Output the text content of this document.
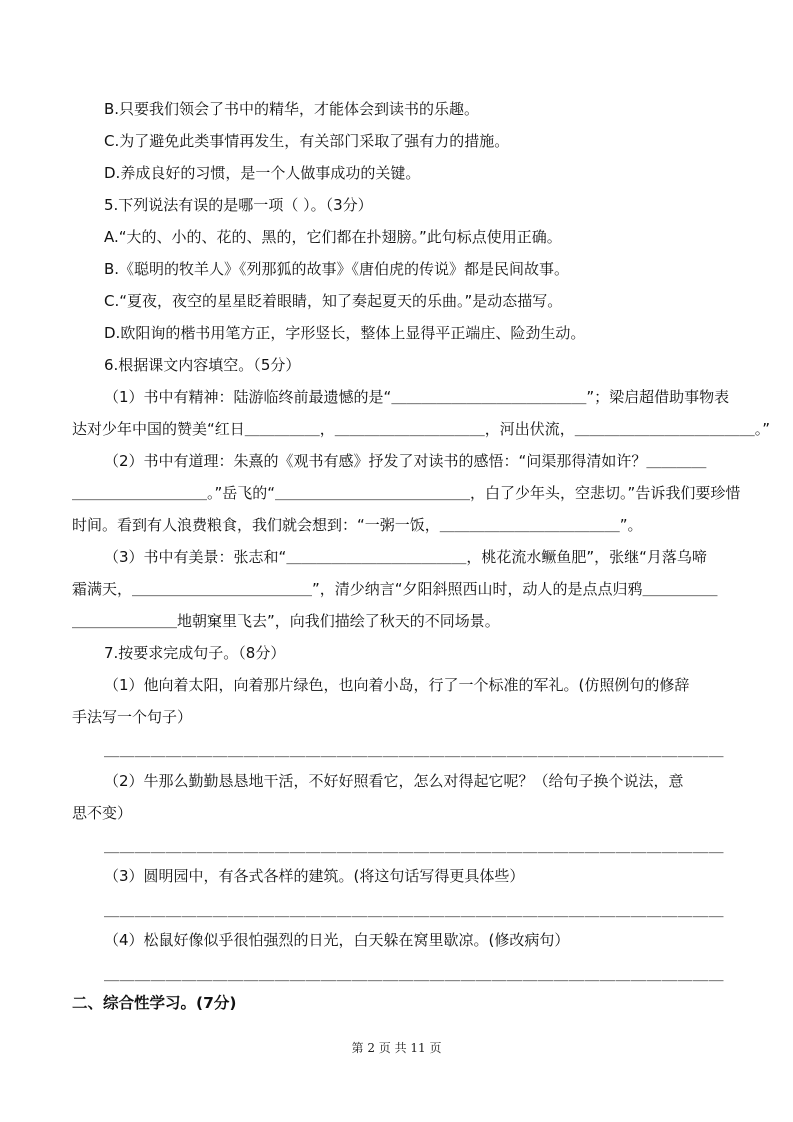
B.只要我们领会了书中的精华，才能体会到读书的乐趣。
C.为了避免此类事情再发生，有关部门采取了强有力的措施。
D.养成良好的习惯，是一个人做事成功的关键。
5.下列说法有误的是哪一项（ ）。（3分）
A.“大的、小的、花的、黑的，它们都在扑翅膀。”此句标点使用正确。
B.《聪明的牧羊人》《列那狐的故事》《唐伯虎的传说》都是民间故事。
C.“夏夜，夜空的星星眨着眼睛，知了奏起夏天的乐曲。”是动态描写。
D.欧阳询的楷书用笔方正，字形竖长，整体上显得平正端庄、险劲生动。
6.根据课文内容填空。（5分）
（1）书中有精神：陆游临终前最遗憾的是“＿＿＿＿＿＿＿＿＿＿＿＿＿”；梁启超借助事物表
达对少年中国的赞美“红日＿＿＿＿＿，＿＿＿＿＿＿＿＿＿＿，河出伏流，＿＿＿＿＿＿＿＿＿＿＿＿。”
（2）书中有道理：朱熹的《观书有感》抒发了对读书的感悟：“问渠那得清如许？＿＿＿＿
＿＿＿＿＿＿＿＿＿。”岳飞的“＿＿＿＿＿＿＿＿＿＿＿＿＿，白了少年头，空悲切。”告诉我们要珍惜
时间。看到有人浪费粮食，我们就会想到：“一粥一饭，＿＿＿＿＿＿＿＿＿＿＿＿”。
（3）书中有美景：张志和“＿＿＿＿＿＿＿＿＿＿＿＿，桃花流水鳜鱼肥”，张继“月落乌啼
霜满天，＿＿＿＿＿＿＿＿＿＿＿＿”，清少纳言“夕阳斜照西山时，动人的是点点归鸦＿＿＿＿＿
＿＿＿＿＿＿＿地朝窠里飞去”，向我们描绘了秋天的不同场景。
7.按要求完成句子。（8分）
（1）他向着太阳，向着那片绿色，也向着小岛，行了一个标准的军礼。(仿照例句的修辞
手法写一个句子）
＿＿＿＿＿＿＿＿＿＿＿＿＿＿＿＿＿＿＿＿＿＿＿＿＿＿＿＿＿＿＿＿＿＿＿＿＿＿＿＿
（2）牛那么勤勤恳恳地干活，不好好照看它，怎么对得起它呢？（给句子换个说法，意
思不变）
＿＿＿＿＿＿＿＿＿＿＿＿＿＿＿＿＿＿＿＿＿＿＿＿＿＿＿＿＿＿＿＿＿＿＿＿＿＿＿＿
（3）圆明园中，有各式各样的建筑。(将这句话写得更具体些）
＿＿＿＿＿＿＿＿＿＿＿＿＿＿＿＿＿＿＿＿＿＿＿＿＿＿＿＿＿＿＿＿＿＿＿＿＿＿＿＿
（4）松鼠好像似乎很怕强烈的日光，白天躲在窝里歇凉。(修改病句）
＿＿＿＿＿＿＿＿＿＿＿＿＿＿＿＿＿＿＿＿＿＿＿＿＿＿＿＿＿＿＿＿＿＿＿＿＿＿＿＿
二、综合性学习。(7分)
第 2 页 共 11 页
